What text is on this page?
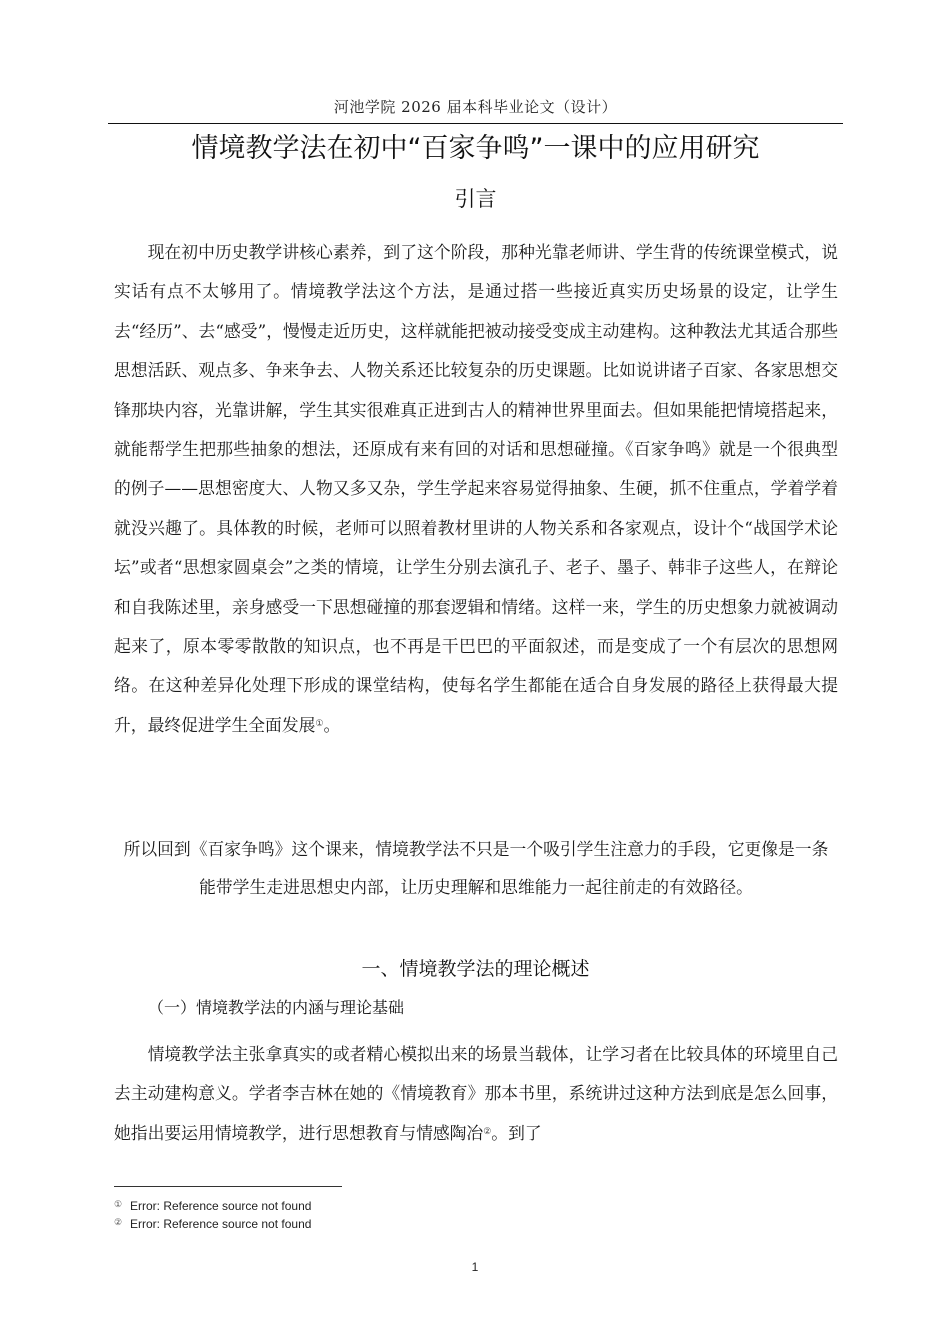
河池学院 2026 届本科毕业论文（设计）
情境教学法在初中“百家争鸣”一课中的应用研究
引言

现在初中历史教学讲核心素养，到了这个阶段，那种光靠老师讲、学生背的传统课堂模式，说实话有点不太够用了。情境教学法这个方法，是通过搭一些接近真实历史场景的设定，让学生去“经历”、去“感受”，慢慢走近历史，这样就能把被动接受变成主动建构。这种教法尤其适合那些思想活跃、观点多、争来争去、人物关系还比较复杂的历史课题。比如说讲诸子百家、各家思想交锋那块内容，光靠讲解，学生其实很难真正进到古人的精神世界里面去。但如果能把情境搭起来，就能帮学生把那些抽象的想法，还原成有来有回的对话和思想碰撞。《百家争鸣》就是一个很典型的例子——思想密度大、人物又多又杂，学生学起来容易觉得抽象、生硬，抓不住重点，学着学着就没兴趣了。具体教的时候，老师可以照着教材里讲的人物关系和各家观点，设计个“战国学术论坛”或者“思想家圆桌会”之类的情境，让学生分别去演孔子、老子、墨子、韩非子这些人，在辩论和自我陈述里，亲身感受一下思想碰撞的那套逻辑和情绪。这样一来，学生的历史想象力就被调动起来了，原本零零散散的知识点，也不再是干巴巴的平面叙述，而是变成了一个有层次的思想网络。在这种差异化处理下形成的课堂结构，使每名学生都能在适合自身发展的路径上获得最大提升，最终促进学生全面发展①。

所以回到《百家争鸣》这个课来，情境教学法不只是一个吸引学生注意力的手段，它更像是一条能带学生走进思想史内部，让历史理解和思维能力一起往前走的有效路径。

一、情境教学法的理论概述
（一）情境教学法的内涵与理论基础

情境教学法主张拿真实的或者精心模拟出来的场景当载体，让学习者在比较具体的环境里自己去主动建构意义。学者李吉林在她的《情境教育》那本书里，系统讲过这种方法到底是怎么回事，她指出要运用情境教学，进行思想教育与情感陶冶②。到了

① Error: Reference source not found
② Error: Reference source not found
1
